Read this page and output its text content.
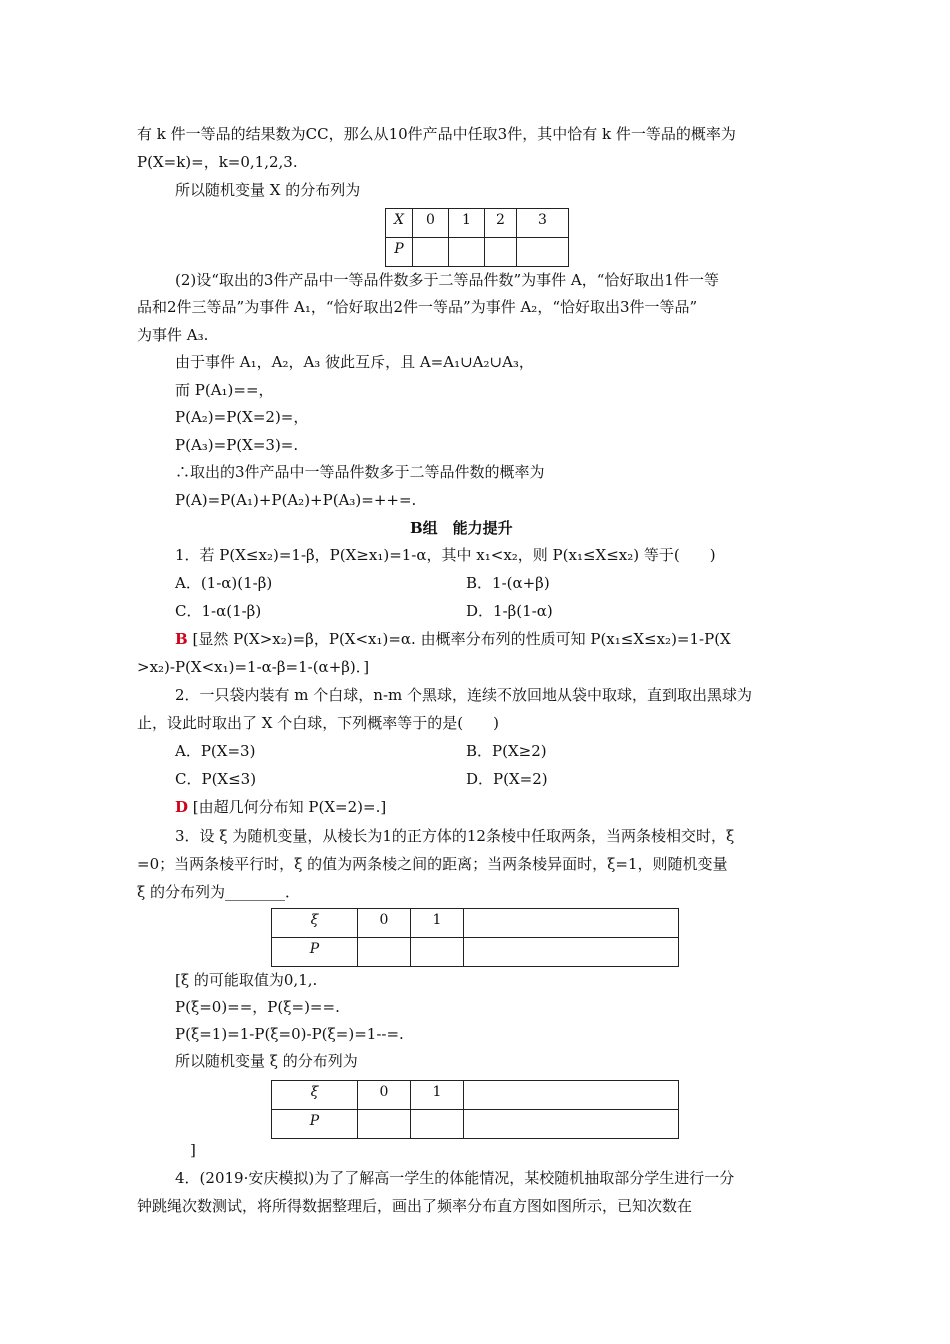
有 k 件一等品的结果数为CC，那么从10件产品中任取3件，其中恰有 k 件一等品的概率为
P(X=k)=，k=0,1,2,3.
所以随机变量 X 的分布列为
X	0	1	2	3
P				
(2)设“取出的3件产品中一等品件数多于二等品件数”为事件 A，“恰好取出1件一等
品和2件三等品”为事件 A₁，“恰好取出2件一等品”为事件 A₂，“恰好取出3件一等品”
为事件 A₃.
由于事件 A₁，A₂，A₃ 彼此互斥，且 A=A₁∪A₂∪A₃，
而 P(A₁)==，
P(A₂)=P(X=2)=，
P(A₃)=P(X=3)=.
∴取出的3件产品中一等品件数多于二等品件数的概率为
P(A)=P(A₁)+P(A₂)+P(A₃)=++=.
B组　能力提升
1．若 P(X≤x₂)=1-β，P(X≥x₁)=1-α，其中 x₁<x₂，则 P(x₁≤X≤x₂) 等于(　　)
A．(1-α)(1-β)	B．1-(α+β)
C．1-α(1-β)	D．1-β(1-α)
B [显然 P(X>x₂)=β，P(X<x₁)=α. 由概率分布列的性质可知 P(x₁≤X≤x₂)=1-P(X
>x₂)-P(X<x₁)=1-α-β=1-(α+β)．]
2．一只袋内装有 m 个白球，n-m 个黑球，连续不放回地从袋中取球，直到取出黑球为
止，设此时取出了 X 个白球，下列概率等于的是(　　)
A．P(X=3)	B．P(X≥2)
C．P(X≤3)	D．P(X=2)
D [由超几何分布知 P(X=2)=.]
3．设 ξ 为随机变量，从棱长为1的正方体的12条棱中任取两条，当两条棱相交时，ξ
=0；当两条棱平行时，ξ 的值为两条棱之间的距离；当两条棱异面时，ξ=1，则随机变量
ξ 的分布列为________．
ξ	0	1	
P			
[ξ 的可能取值为0,1,.
P(ξ=0)==，P(ξ=)==.
P(ξ=1)=1-P(ξ=0)-P(ξ=)=1--=.
所以随机变量 ξ 的分布列为
ξ	0	1	
P			
]
4．(2019·安庆模拟)为了了解高一学生的体能情况，某校随机抽取部分学生进行一分
钟跳绳次数测试，将所得数据整理后，画出了频率分布直方图如图所示，已知次数在
